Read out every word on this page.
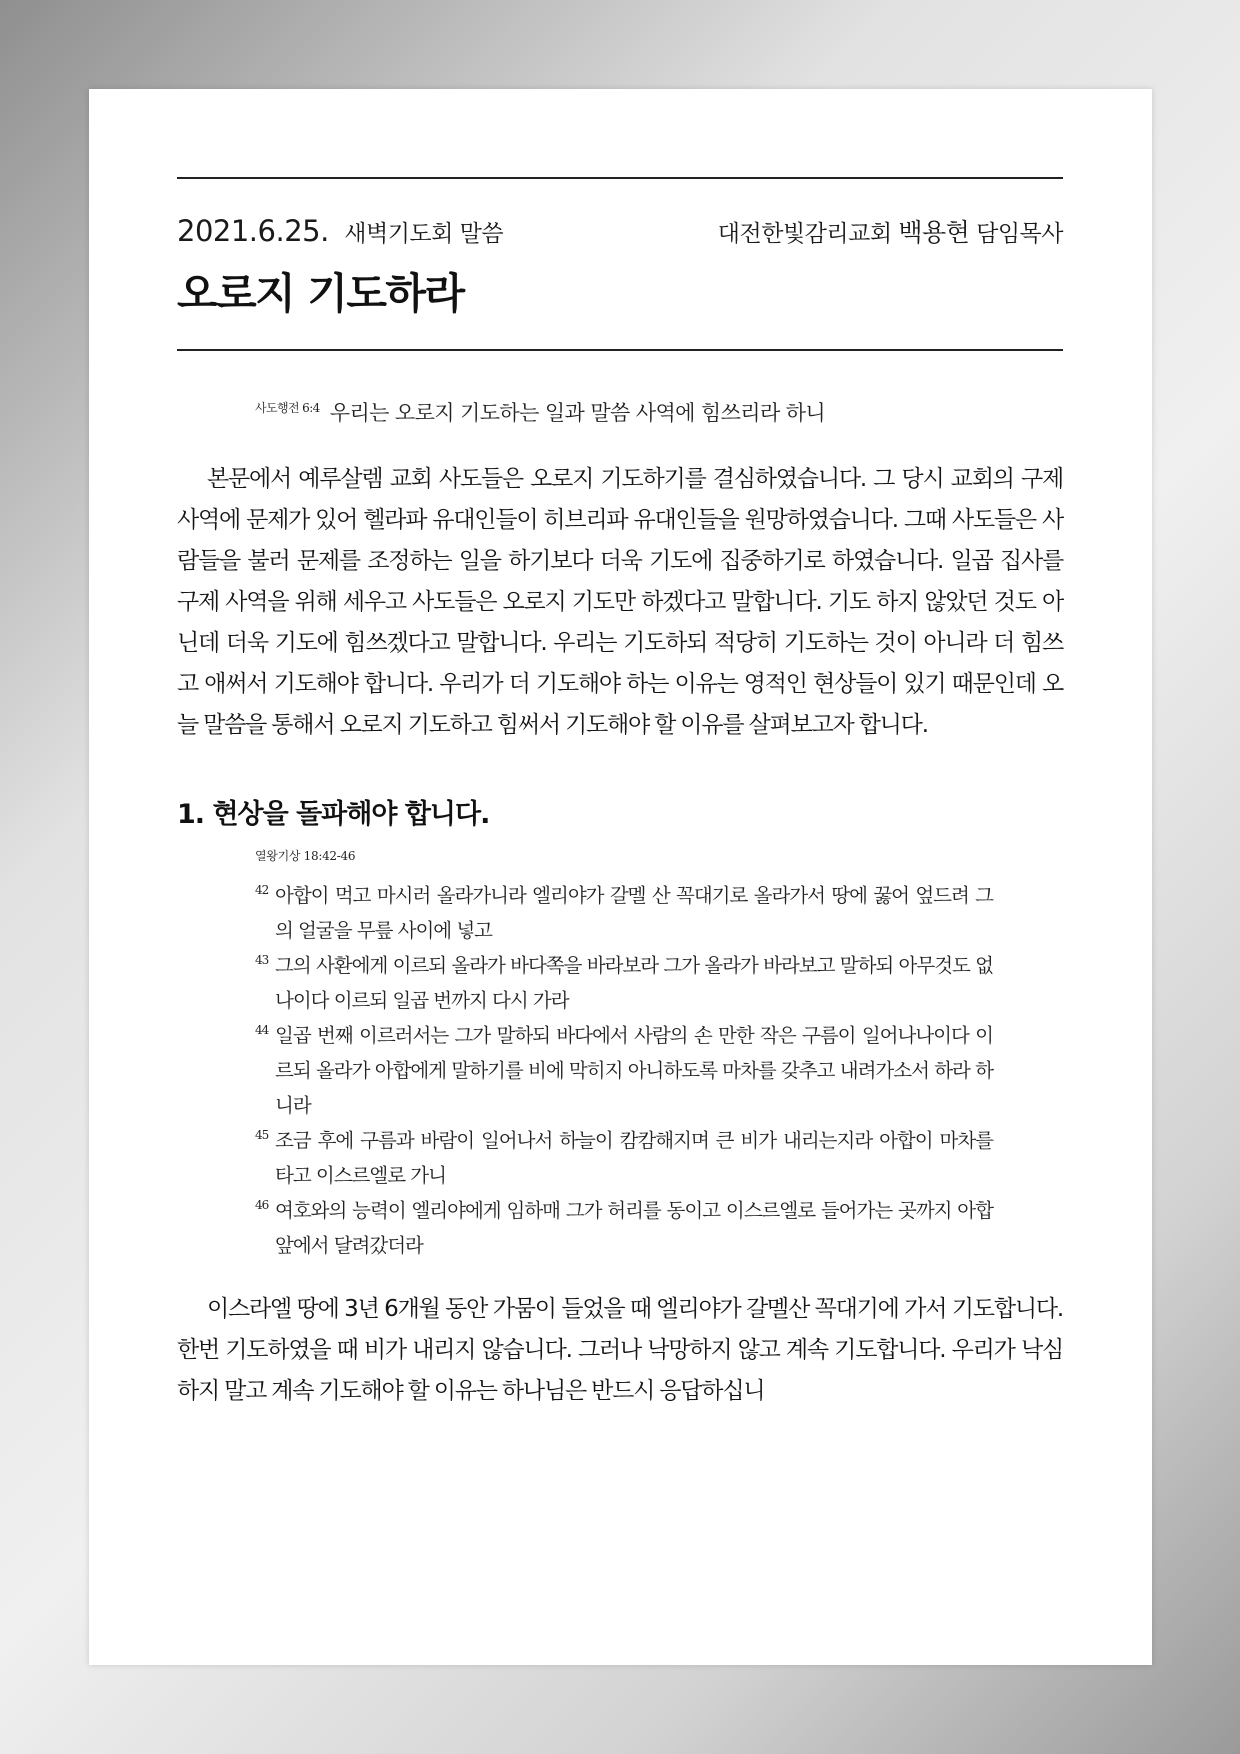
2021.6.25. 새벽기도회 말씀	대전한빛감리교회 백용현 담임목사
오로지 기도하라
$^{사도행전 6:4}$ 우리는 오로지 기도하는 일과 말씀 사역에 힘쓰리라 하니

본문에서 예루살렘 교회 사도들은 오로지 기도하기를 결심하였습니다. 그 당시 교회의 구제 사역에 문제가 있어 헬라파 유대인들이 히브리파 유대인들을 원망하였습니다. 그때 사도들은 사람들을 불러 문제를 조정하는 일을 하기보다 더욱 기도에 집중하기로 하였습니다. 일곱 집사를 구제 사역을 위해 세우고 사도들은 오로지 기도만 하겠다고 말합니다. 기도 하지 않았던 것도 아닌데 더욱 기도에 힘쓰겠다고 말합니다. 우리는 기도하되 적당히 기도하는 것이 아니라 더 힘쓰고 애써서 기도해야 합니다. 우리가 더 기도해야 하는 이유는 영적인 현상들이 있기 때문인데 오늘 말씀을 통해서 오로지 기도하고 힘써서 기도해야 할 이유를 살펴보고자 합니다.

1. 현상을 돌파해야 합니다.
열왕기상 18:42-46
42 아합이 먹고 마시러 올라가니라 엘리야가 갈멜 산 꼭대기로 올라가서 땅에 꿇어 엎드려 그의 얼굴을 무릎 사이에 넣고
43 그의 사환에게 이르되 올라가 바다쪽을 바라보라 그가 올라가 바라보고 말하되 아무것도 없나이다 이르되 일곱 번까지 다시 가라
44 일곱 번째 이르러서는 그가 말하되 바다에서 사람의 손 만한 작은 구름이 일어나나이다 이르되 올라가 아합에게 말하기를 비에 막히지 아니하도록 마차를 갖추고 내려가소서 하라 하니라
45 조금 후에 구름과 바람이 일어나서 하늘이 캄캄해지며 큰 비가 내리는지라 아합이 마차를 타고 이스르엘로 가니
46 여호와의 능력이 엘리야에게 임하매 그가 허리를 동이고 이스르엘로 들어가는 곳까지 아합 앞에서 달려갔더라

이스라엘 땅에 3년 6개월 동안 가뭄이 들었을 때 엘리야가 갈멜산 꼭대기에 가서 기도합니다. 한번 기도하였을 때 비가 내리지 않습니다. 그러나 낙망하지 않고 계속 기도합니다. 우리가 낙심하지 말고 계속 기도해야 할 이유는 하나님은 반드시 응답하십니
